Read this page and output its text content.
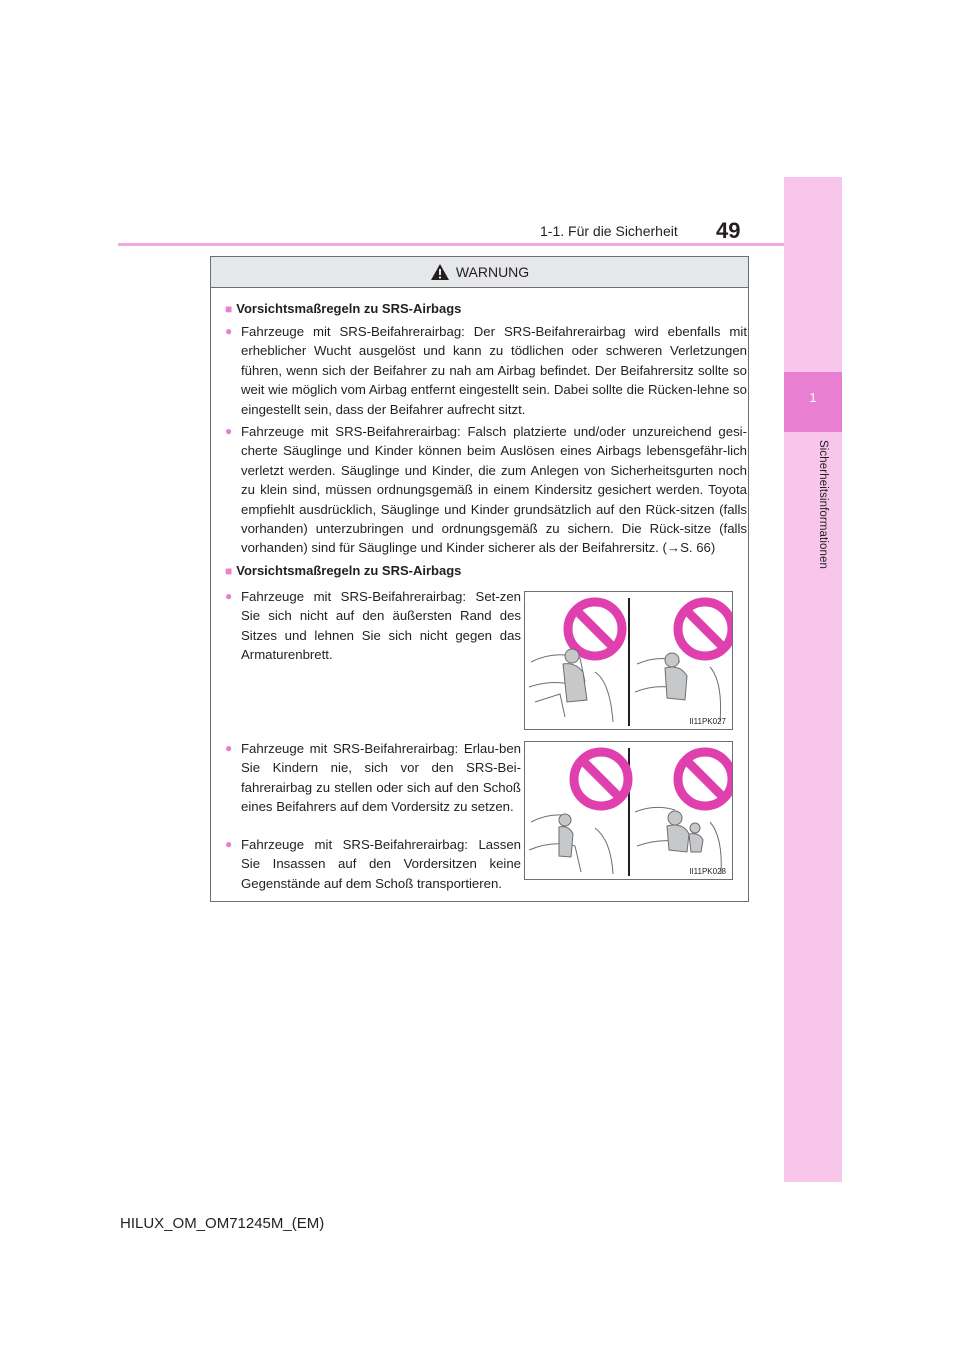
1
Sicherheitsinformationen
1-1. Für die Sicherheit 49
WARNUNG
■ Vorsichtsmaßregeln zu SRS-Airbags
● Fahrzeuge mit SRS-Beifahrerairbag: Der SRS-Beifahrerairbag wird ebenfalls mit erheblicher Wucht ausgelöst und kann zu tödlichen oder schweren Verletzungen führen, wenn sich der Beifahrer zu nah am Airbag befindet. Der Beifahrersitz sollte so weit wie möglich vom Airbag entfernt eingestellt sein. Dabei sollte die Rücken-lehne so eingestellt sein, dass der Beifahrer aufrecht sitzt.
● Fahrzeuge mit SRS-Beifahrerairbag: Falsch platzierte und/oder unzureichend gesi-cherte Säuglinge und Kinder können beim Auslösen eines Airbags lebensgefähr-lich verletzt werden. Säuglinge und Kinder, die zum Anlegen von Sicherheitsgurten noch zu klein sind, müssen ordnungsgemäß in einem Kindersitz gesichert werden. Toyota empfiehlt ausdrücklich, Säuglinge und Kinder grundsätzlich auf den Rück-sitzen (falls vorhanden) unterzubringen und ordnungsgemäß zu sichern. Die Rück-sitze (falls vorhanden) sind für Säuglinge und Kinder sicherer als der Beifahrersitz. (→S. 66)
■ Vorsichtsmaßregeln zu SRS-Airbags
● Fahrzeuge mit SRS-Beifahrerairbag: Set-zen Sie sich nicht auf den äußersten Rand des Sitzes und lehnen Sie sich nicht gegen das Armaturenbrett.
● Fahrzeuge mit SRS-Beifahrerairbag: Erlau-ben Sie Kindern nie, sich vor den SRS-Bei-fahrerairbag zu stellen oder sich auf den Schoß eines Beifahrers auf dem Vordersitz zu setzen.
● Fahrzeuge mit SRS-Beifahrerairbag: Lassen Sie Insassen auf den Vordersitzen keine Gegenstände auf dem Schoß transportieren.
II11PK027
II11PK028
HILUX_OM_OM71245M_(EM)
